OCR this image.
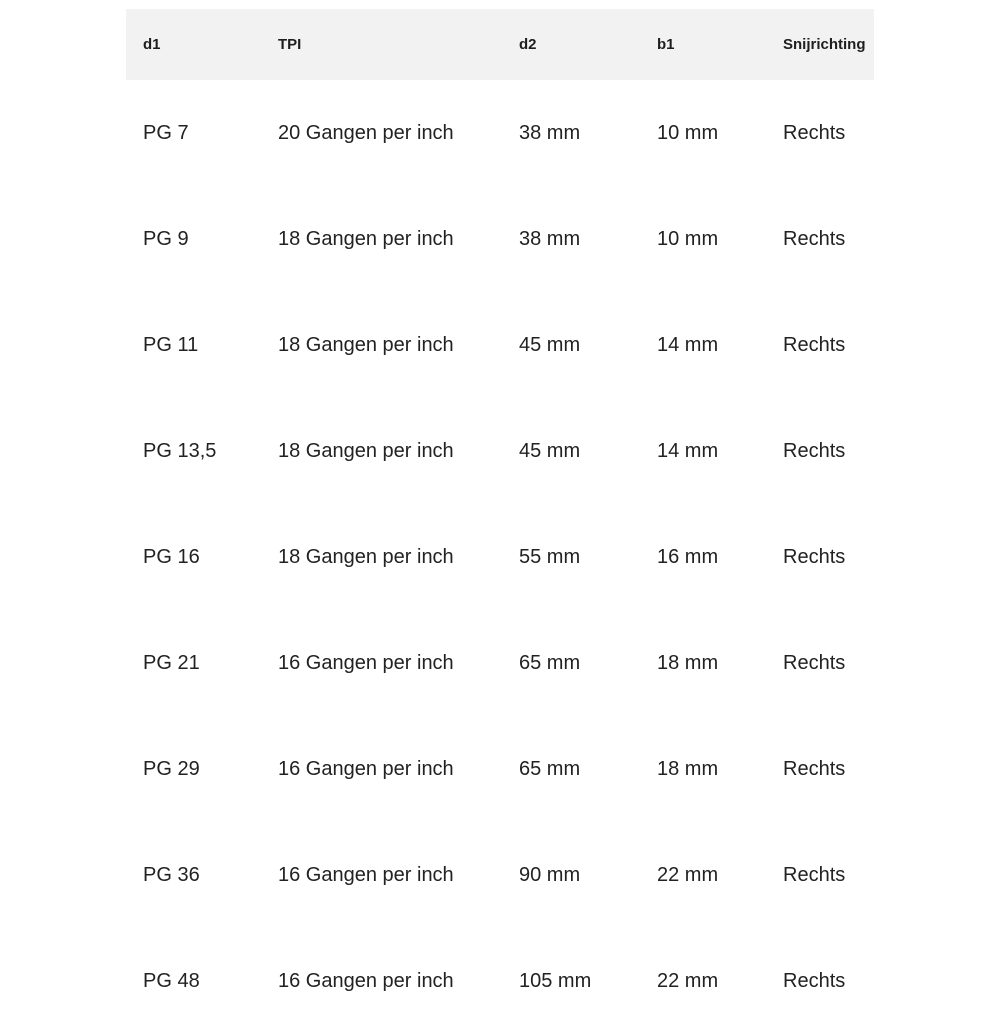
d1	TPI	d2	b1	Snijrichting
PG 7	20 Gangen per inch	38 mm	10 mm	Rechts
PG 9	18 Gangen per inch	38 mm	10 mm	Rechts
PG 11	18 Gangen per inch	45 mm	14 mm	Rechts
PG 13,5	18 Gangen per inch	45 mm	14 mm	Rechts
PG 16	18 Gangen per inch	55 mm	16 mm	Rechts
PG 21	16 Gangen per inch	65 mm	18 mm	Rechts
PG 29	16 Gangen per inch	65 mm	18 mm	Rechts
PG 36	16 Gangen per inch	90 mm	22 mm	Rechts
PG 48	16 Gangen per inch	105 mm	22 mm	Rechts
